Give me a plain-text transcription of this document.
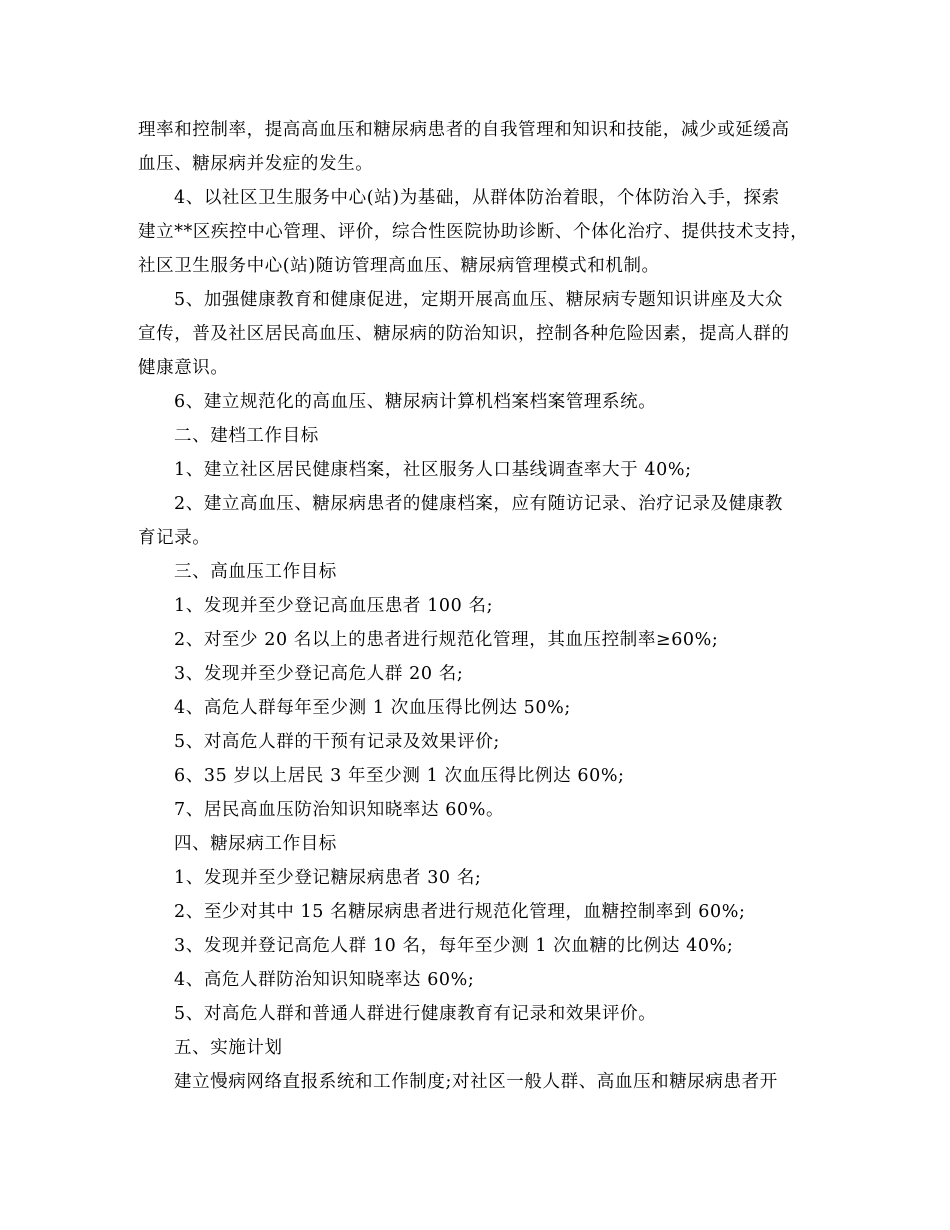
理率和控制率，提高高血压和糖尿病患者的自我管理和知识和技能，减少或延缓高
血压、糖尿病并发症的发生。
4、以社区卫生服务中心(站)为基础，从群体防治着眼，个体防治入手，探索
建立**区疾控中心管理、评价，综合性医院协助诊断、个体化治疗、提供技术支持，
社区卫生服务中心(站)随访管理高血压、糖尿病管理模式和机制。
5、加强健康教育和健康促进，定期开展高血压、糖尿病专题知识讲座及大众
宣传，普及社区居民高血压、糖尿病的防治知识，控制各种危险因素，提高人群的
健康意识。
6、建立规范化的高血压、糖尿病计算机档案档案管理系统。
二、建档工作目标
1、建立社区居民健康档案，社区服务人口基线调查率大于 40%;
2、建立高血压、糖尿病患者的健康档案，应有随访记录、治疗记录及健康教
育记录。
三、高血压工作目标
1、发现并至少登记高血压患者 100 名;
2、对至少 20 名以上的患者进行规范化管理，其血压控制率≥60%;
3、发现并至少登记高危人群 20 名;
4、高危人群每年至少测 1 次血压得比例达 50%;
5、对高危人群的干预有记录及效果评价;
6、35 岁以上居民 3 年至少测 1 次血压得比例达 60%;
7、居民高血压防治知识知晓率达 60%。
四、糖尿病工作目标
1、发现并至少登记糖尿病患者 30 名;
2、至少对其中 15 名糖尿病患者进行规范化管理，血糖控制率到 60%;
3、发现并登记高危人群 10 名，每年至少测 1 次血糖的比例达 40%;
4、高危人群防治知识知晓率达 60%;
5、对高危人群和普通人群进行健康教育有记录和效果评价。
五、实施计划
建立慢病网络直报系统和工作制度;对社区一般人群、高血压和糖尿病患者开
